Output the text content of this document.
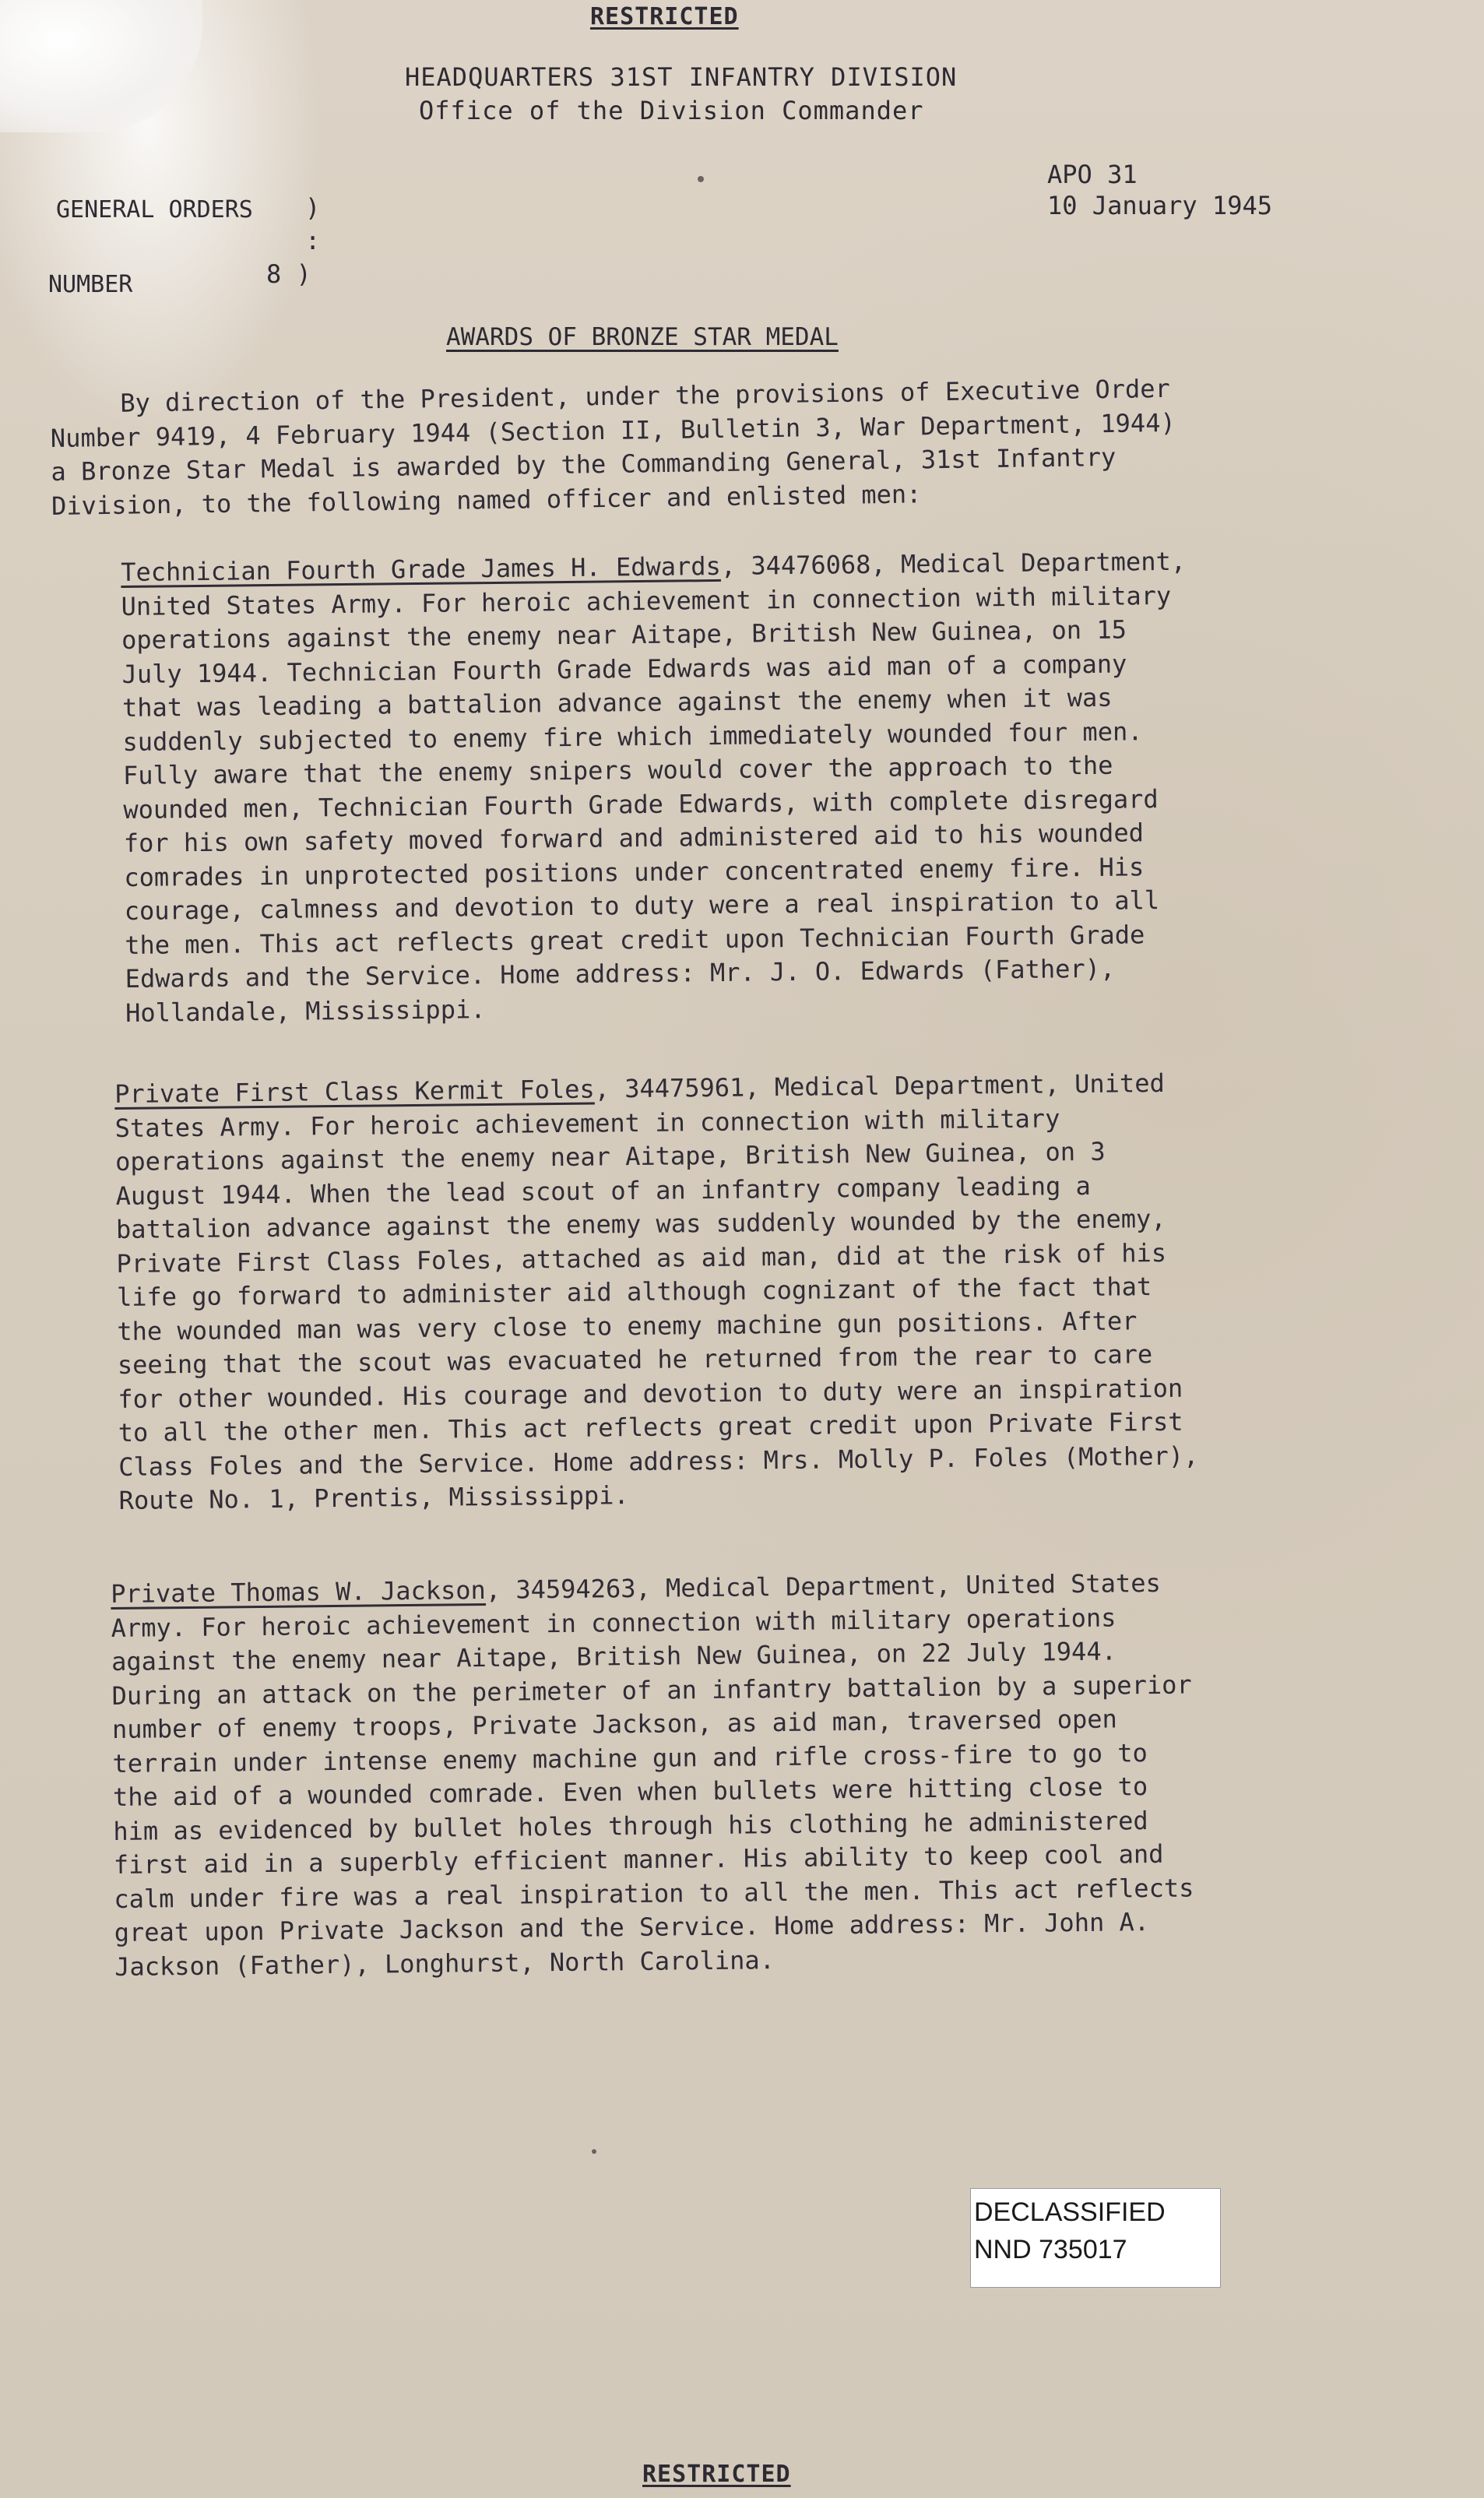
RESTRICTED
HEADQUARTERS 31ST INFANTRY DIVISION
Office of the Division Commander
APO 31
10 January 1945
GENERAL ORDERS )
:
NUMBER	8 )
AWARDS OF BRONZE STAR MEDAL
By direction of the President, under the provisions of Executive Order
Number 9419, 4 February 1944 (Section II, Bulletin 3, War Department, 1944)
a Bronze Star Medal is awarded by the Commanding General, 31st Infantry
Division, to the following named officer and enlisted men:
Technician Fourth Grade James H. Edwards, 34476068, Medical Department,
United States Army. For heroic achievement in connection with military
operations against the enemy near Aitape, British New Guinea, on 15
July 1944. Technician Fourth Grade Edwards was aid man of a company
that was leading a battalion advance against the enemy when it was
suddenly subjected to enemy fire which immediately wounded four men.
Fully aware that the enemy snipers would cover the approach to the
wounded men, Technician Fourth Grade Edwards, with complete disregard
for his own safety moved forward and administered aid to his wounded
comrades in unprotected positions under concentrated enemy fire. His
courage, calmness and devotion to duty were a real inspiration to all
the men. This act reflects great credit upon Technician Fourth Grade
Edwards and the Service. Home address: Mr. J. O. Edwards (Father),
Hollandale, Mississippi.
Private First Class Kermit Foles, 34475961, Medical Department, United
States Army. For heroic achievement in connection with military
operations against the enemy near Aitape, British New Guinea, on 3
August 1944. When the lead scout of an infantry company leading a
battalion advance against the enemy was suddenly wounded by the enemy,
Private First Class Foles, attached as aid man, did at the risk of his
life go forward to administer aid although cognizant of the fact that
the wounded man was very close to enemy machine gun positions. After
seeing that the scout was evacuated he returned from the rear to care
for other wounded. His courage and devotion to duty were an inspiration
to all the other men. This act reflects great credit upon Private First
Class Foles and the Service. Home address: Mrs. Molly P. Foles (Mother),
Route No. 1, Prentis, Mississippi.
Private Thomas W. Jackson, 34594263, Medical Department, United States
Army. For heroic achievement in connection with military operations
against the enemy near Aitape, British New Guinea, on 22 July 1944.
During an attack on the perimeter of an infantry battalion by a superior
number of enemy troops, Private Jackson, as aid man, traversed open
terrain under intense enemy machine gun and rifle cross-fire to go to
the aid of a wounded comrade. Even when bullets were hitting close to
him as evidenced by bullet holes through his clothing he administered
first aid in a superbly efficient manner. His ability to keep cool and
calm under fire was a real inspiration to all the men. This act reflects
great upon Private Jackson and the Service. Home address: Mr. John A.
Jackson (Father), Longhurst, North Carolina.
DECLASSIFIED
NND 735017
RESTRICTED
